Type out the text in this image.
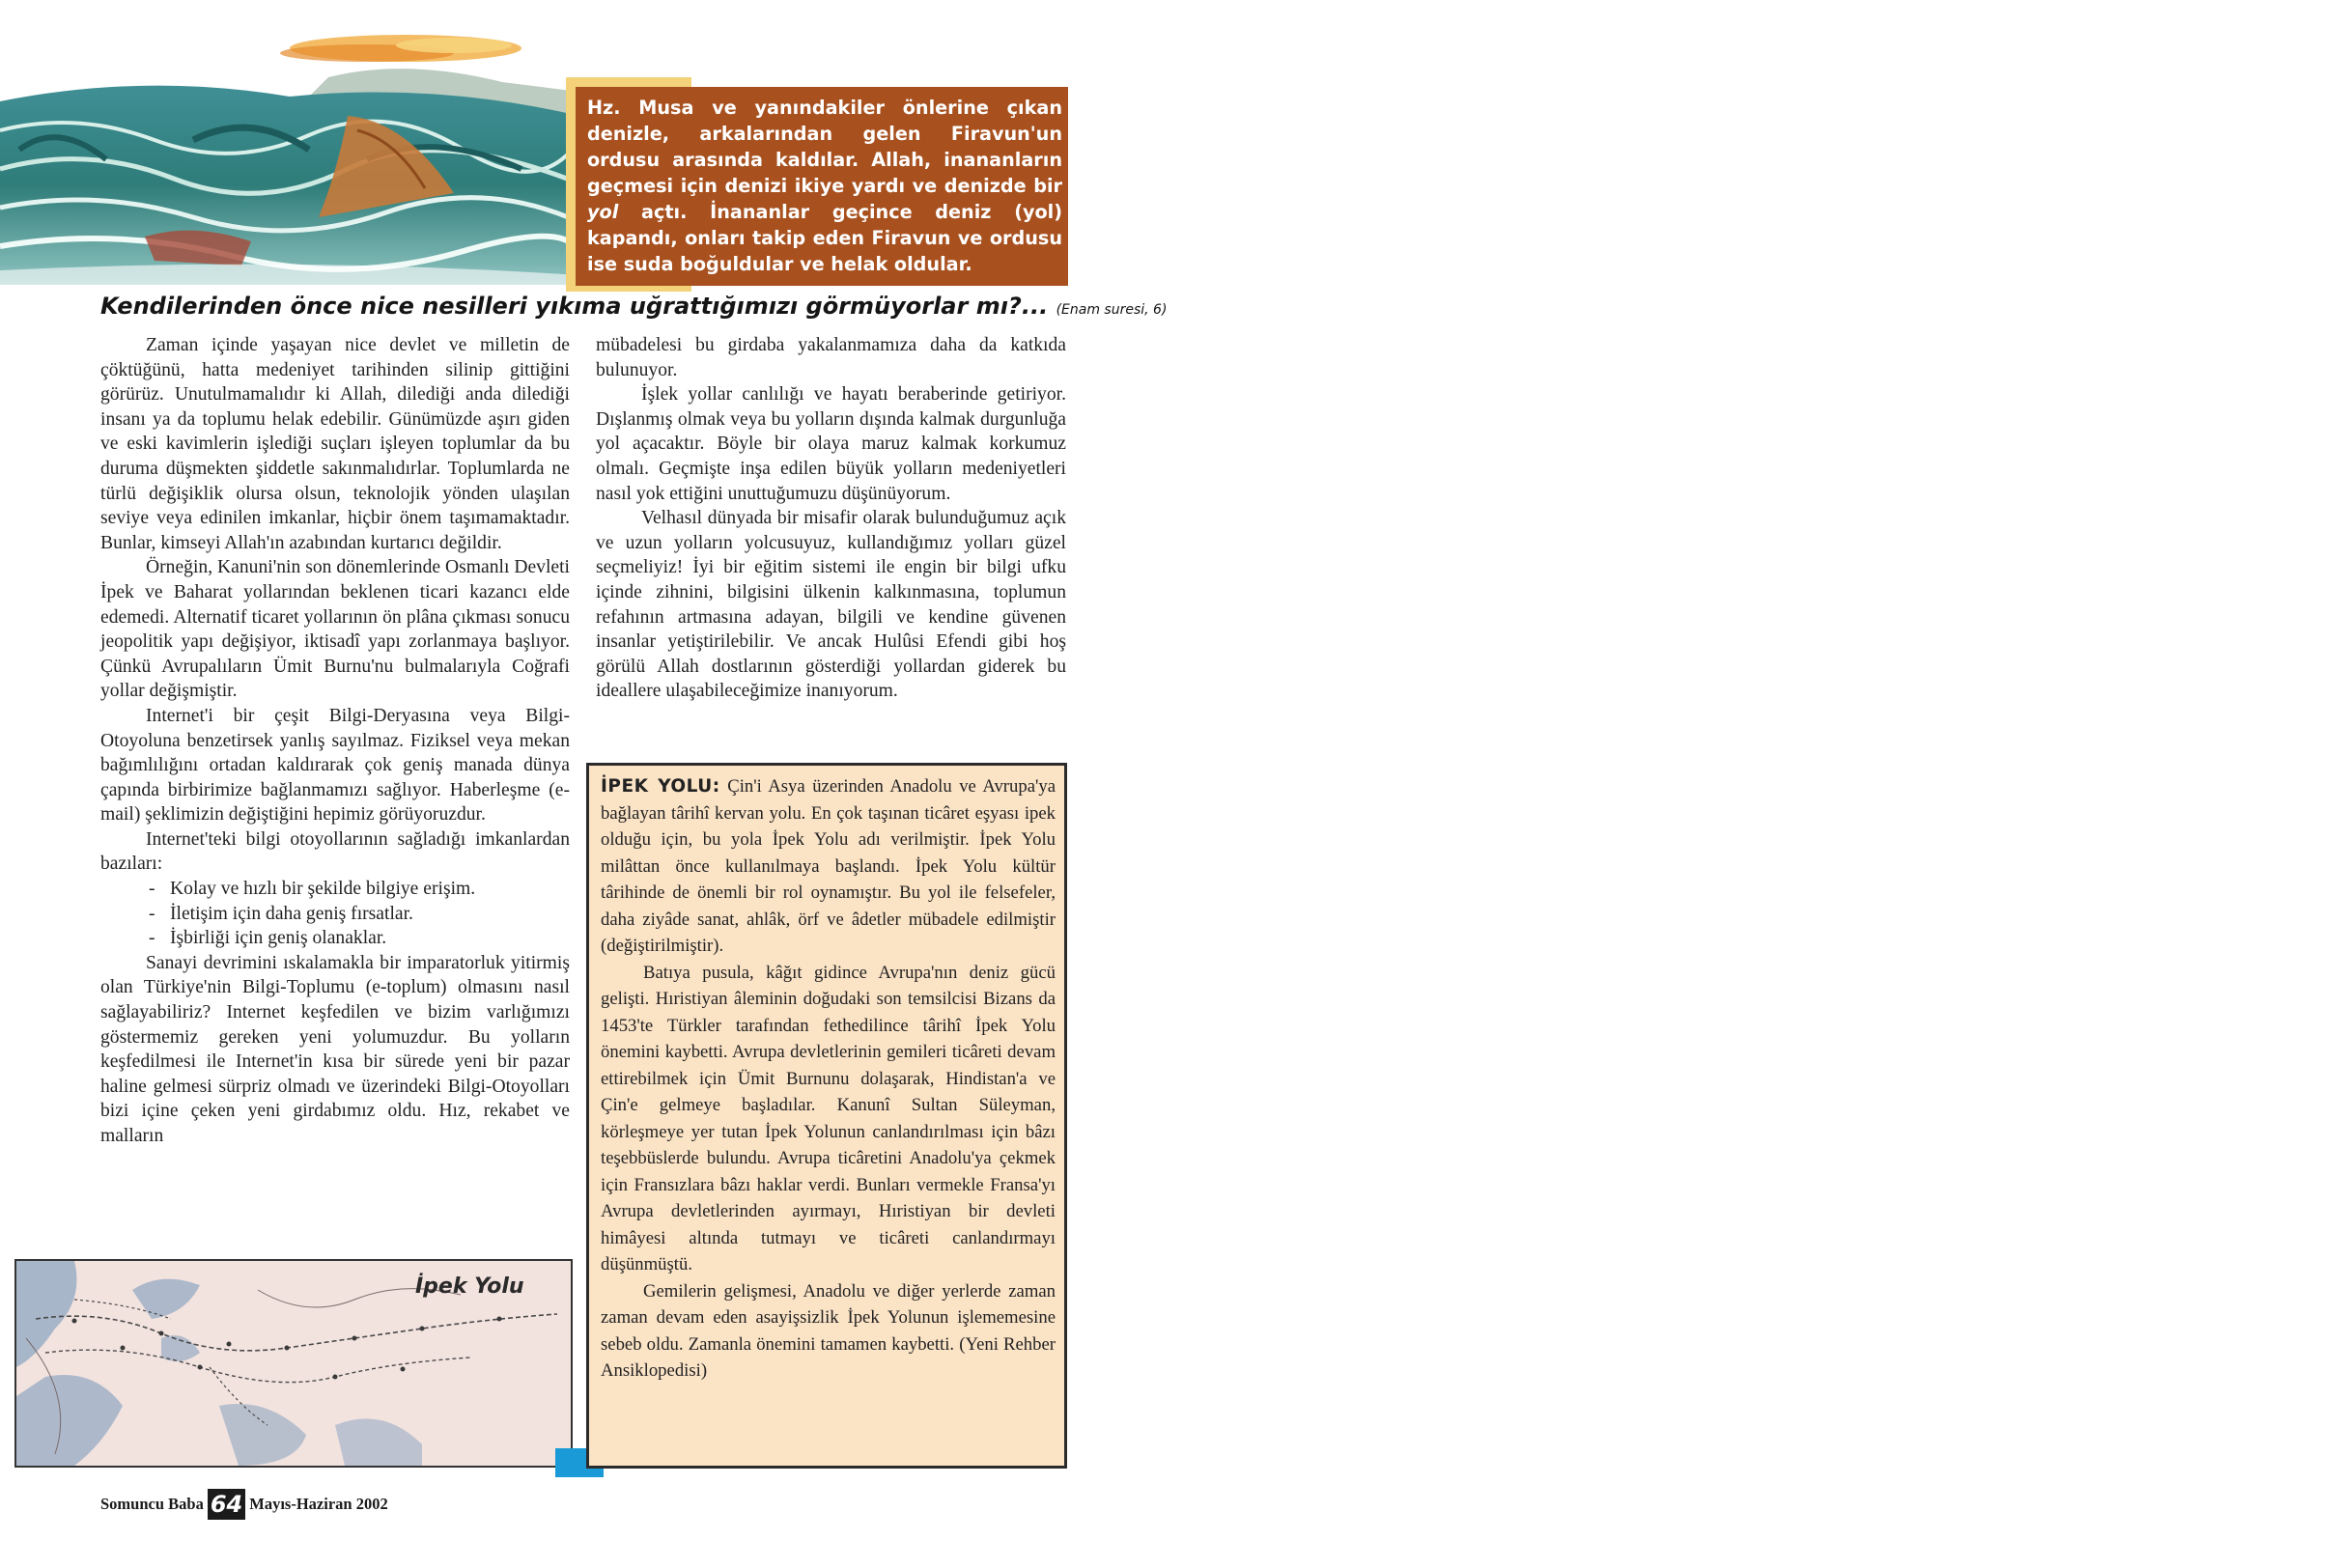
Hz. Musa ve yanındakiler önlerine çıkan denizle, arkalarından gelen Firavun'un ordusu arasında kaldılar. Allah, inananların geçmesi için denizi ikiye yardı ve denizde bir yol açtı. İnananlar geçince deniz (yol) kapandı, onları takip eden Firavun ve ordusu ise suda boğuldular ve helak oldular.
Kendilerinden önce nice nesilleri yıkıma uğrattığımızı görmüyorlar mı?... (Enam suresi, 6)

Zaman içinde yaşayan nice devlet ve milletin de çöktüğünü, hatta medeniyet tarihinden silinip gittiğini görürüz. Unutulmamalıdır ki Allah, dilediği anda dilediği insanı ya da toplumu helak edebilir. Günümüzde aşırı giden ve eski kavimlerin işlediği suçları işleyen toplumlar da bu duruma düşmekten şiddetle sakınmalıdırlar. Toplumlarda ne türlü değişiklik olursa olsun, teknolojik yönden ulaşılan seviye veya edinilen imkanlar, hiçbir önem taşımamaktadır. Bunlar, kimseyi Allah'ın azabından kurtarıcı değildir.

Örneğin, Kanuni'nin son dönemlerinde Osmanlı Devleti İpek ve Baharat yollarından beklenen ticari kazancı elde edemedi. Alternatif ticaret yollarının ön plâna çıkması sonucu jeopolitik yapı değişiyor, iktisadî yapı zorlanmaya başlıyor. Çünkü Avrupalıların Ümit Burnu'nu bulmalarıyla Coğrafi yollar değişmiştir.

Internet'i bir çeşit Bilgi-Deryasına veya Bilgi-Otoyoluna benzetirsek yanlış sayılmaz. Fiziksel veya mekan bağımlılığını ortadan kaldırarak çok geniş manada dünya çapında birbirimize bağlanmamızı sağlıyor. Haberleşme (e-mail) şeklimizin değiştiğini hepimiz görüyoruzdur.

Internet'teki bilgi otoyollarının sağladığı imkanlardan bazıları:

- Kolay ve hızlı bir şekilde bilgiye erişim.
- İletişim için daha geniş fırsatlar.
- İşbirliği için geniş olanaklar.

Sanayi devrimini ıskalamakla bir imparatorluk yitirmiş olan Türkiye'nin Bilgi-Toplumu (e-toplum) olmasını nasıl sağlayabiliriz? Internet keşfedilen ve bizim varlığımızı göstermemiz gereken yeni yolumuzdur. Bu yolların keşfedilmesi ile Internet'in kısa bir sürede yeni bir pazar haline gelmesi sürpriz olmadı ve üzerindeki Bilgi-Otoyolları bizi içine çeken yeni girdabımız oldu. Hız, rekabet ve malların

mübadelesi bu girdaba yakalanmamıza daha da katkıda bulunuyor.

İşlek yollar canlılığı ve hayatı beraberinde getiriyor. Dışlanmış olmak veya bu yolların dışında kalmak durgunluğa yol açacaktır. Böyle bir olaya maruz kalmak korkumuz olmalı. Geçmişte inşa edilen büyük yolların medeniyetleri nasıl yok ettiğini unuttuğumuzu düşünüyorum.

Velhasıl dünyada bir misafir olarak bulunduğumuz açık ve uzun yolların yolcusuyuz, kullandığımız yolları güzel seçmeliyiz! İyi bir eğitim sistemi ile engin bir bilgi ufku içinde zihnini, bilgisini ülkenin kalkınmasına, toplumun refahının artmasına adayan, bilgili ve kendine güvenen insanlar yetiştirilebilir. Ve ancak Hulûsi Efendi gibi hoş görülü Allah dostlarının gösterdiği yollardan giderek bu ideallere ulaşabileceğimize inanıyorum.

İpek Yolu

İPEK YOLU: Çin'i Asya üzerinden Anadolu ve Avrupa'ya bağlayan târihî kervan yolu. En çok taşınan ticâret eşyası ipek olduğu için, bu yola İpek Yolu adı verilmiştir. İpek Yolu milâttan önce kullanılmaya başlandı. İpek Yolu kültür târihinde de önemli bir rol oynamıştır. Bu yol ile felsefeler, daha ziyâde sanat, ahlâk, örf ve âdetler mübadele edilmiştir (değiştirilmiştir).

Batıya pusula, kâğıt gidince Avrupa'nın deniz gücü gelişti. Hıristiyan âleminin doğudaki son temsilcisi Bizans da 1453'te Türkler tarafından fethedilince târihî İpek Yolu önemini kaybetti. Avrupa devletlerinin gemileri ticâreti devam ettirebilmek için Ümit Burnunu dolaşarak, Hindistan'a ve Çin'e gelmeye başladılar. Kanunî Sultan Süleyman, körleşmeye yer tutan İpek Yolunun canlandırılması için bâzı teşebbüslerde bulundu. Avrupa ticâretini Anadolu'ya çekmek için Fransızlara bâzı haklar verdi. Bunları vermekle Fransa'yı Avrupa devletlerinden ayırmayı, Hıristiyan bir devleti himâyesi altında tutmayı ve ticâreti canlandırmayı düşünmüştü.

Gemilerin gelişmesi, Anadolu ve diğer yerlerde zaman zaman devam eden asayişsizlik İpek Yolunun işlememesine sebeb oldu. Zamanla önemini tamamen kaybetti. (Yeni Rehber Ansiklopedisi)

Somuncu Baba 64 Mayıs-Haziran 2002
